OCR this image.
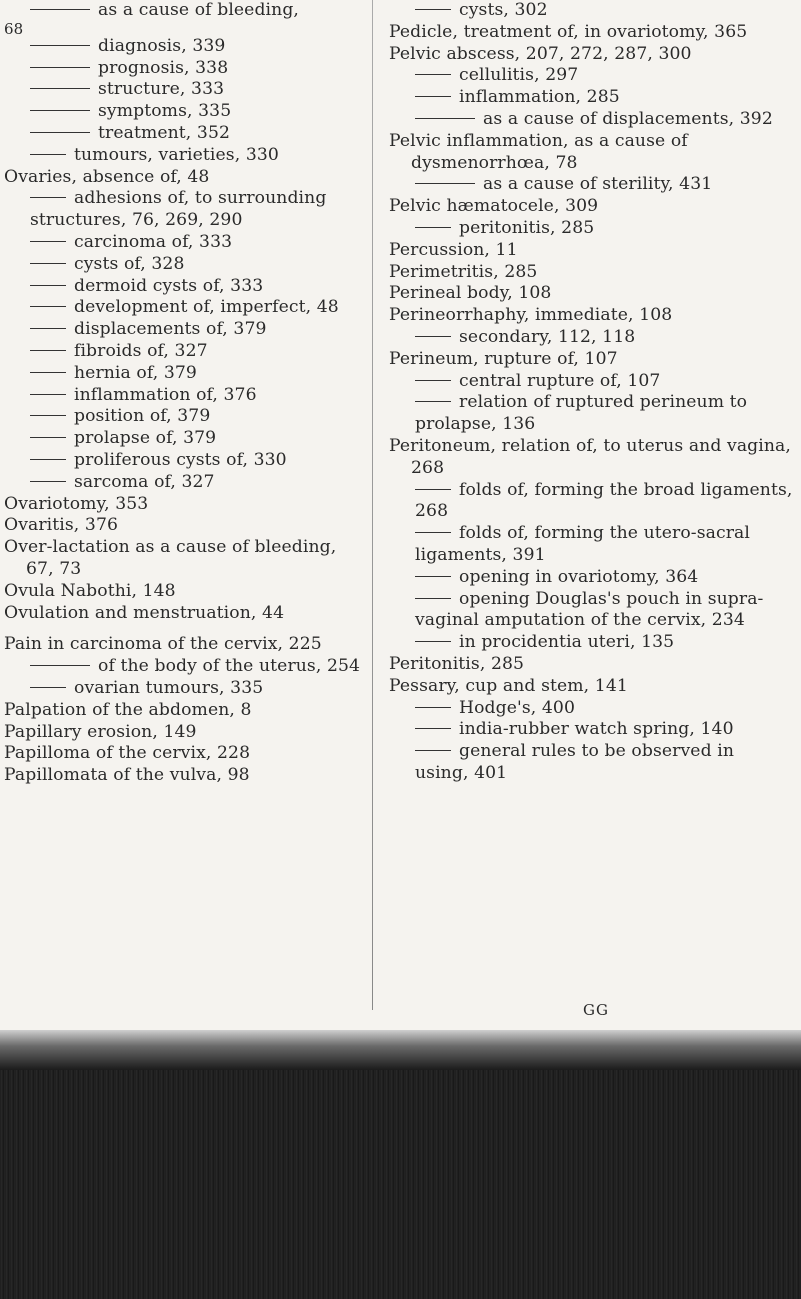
as a cause of bleeding,
68
diagnosis, 339
prognosis, 338
structure, 333
symptoms, 335
treatment, 352
tumours, varieties, 330
Ovaries, absence of, 48
adhesions of, to surrounding structures, 76, 269, 290
carcinoma of, 333
cysts of, 328
dermoid cysts of, 333
development of, imperfect, 48
displacements of, 379
fibroids of, 327
hernia of, 379
inflammation of, 376
position of, 379
prolapse of, 379
proliferous cysts of, 330
sarcoma of, 327
Ovariotomy, 353
Ovaritis, 376
Over-lactation as a cause of bleeding, 67, 73
Ovula Nabothi, 148
Ovulation and menstruation, 44
Pain in carcinoma of the cervix, 225
of the body of the uterus, 254
ovarian tumours, 335
Palpation of the abdomen, 8
Papillary erosion, 149
Papilloma of the cervix, 228
Papillomata of the vulva, 98
cysts, 302
Pedicle, treatment of, in ovariotomy, 365
Pelvic abscess, 207, 272, 287, 300
cellulitis, 297
inflammation, 285
as a cause of displacements, 392
Pelvic inflammation, as a cause of dysmenorrhœa, 78
as a cause of sterility, 431
Pelvic hæmatocele, 309
peritonitis, 285
Percussion, 11
Perimetritis, 285
Perineal body, 108
Perineorrhaphy, immediate, 108
secondary, 112, 118
Perineum, rupture of, 107
central rupture of, 107
relation of ruptured perineum to prolapse, 136
Peritoneum, relation of, to uterus and vagina, 268
folds of, forming the broad ligaments, 268
folds of, forming the utero-sacral ligaments, 391
opening in ovariotomy, 364
opening Douglas's pouch in supra-vaginal amputation of the cervix, 234
in procidentia uteri, 135
Peritonitis, 285
Pessary, cup and stem, 141
Hodge's, 400
india-rubber watch spring, 140
general rules to be observed in using, 401
GG
